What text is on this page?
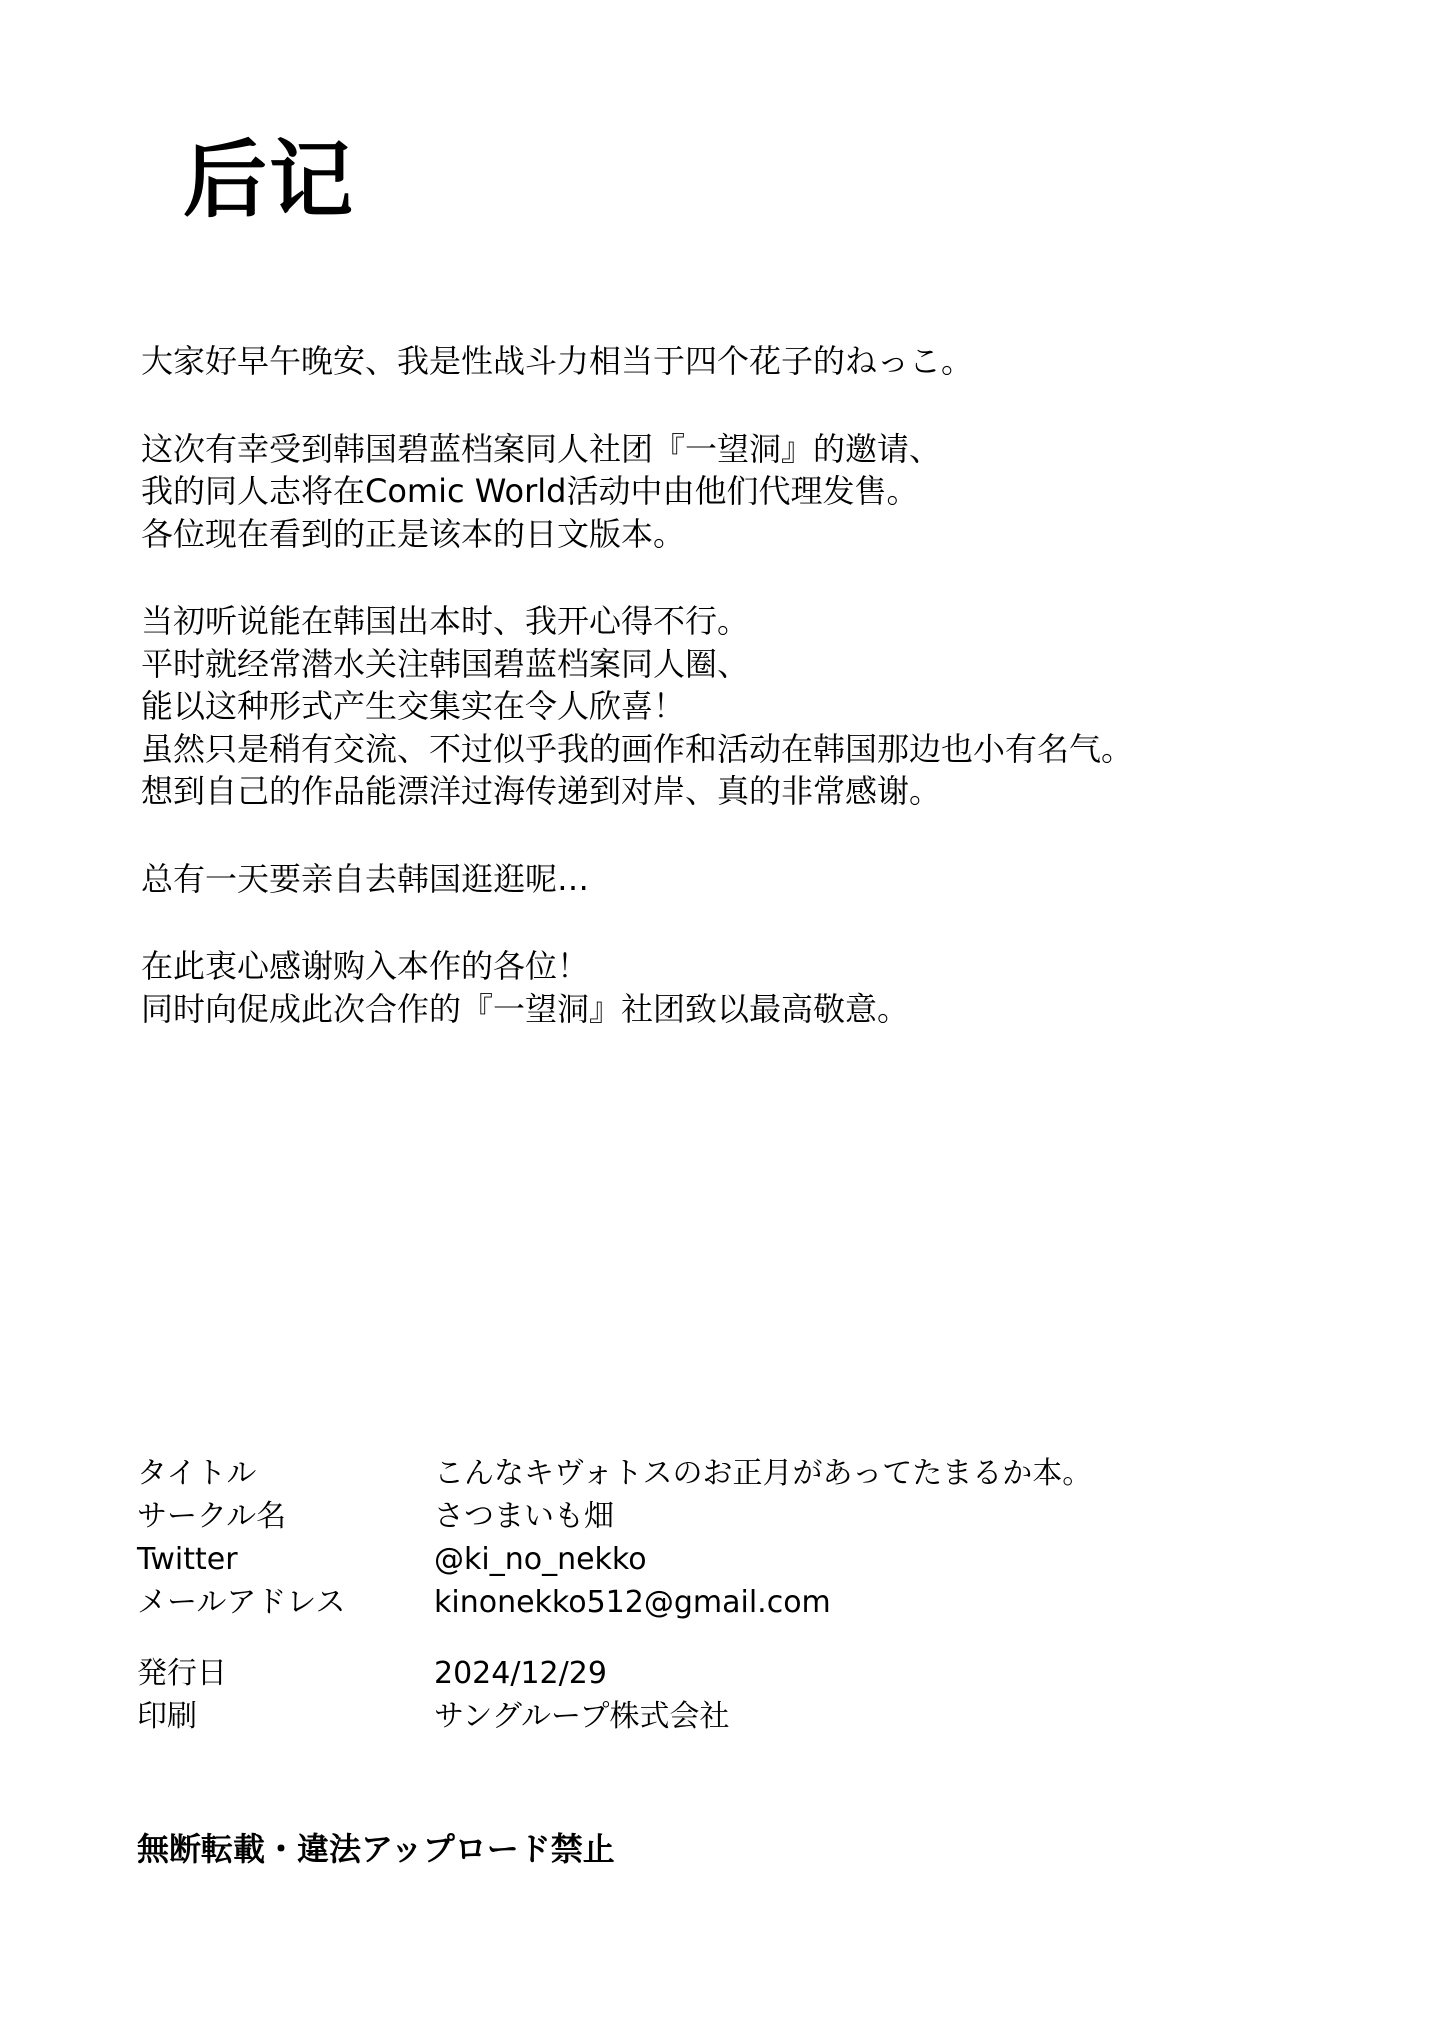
后记

大家好早午晚安、我是性战斗力相当于四个花子的ねっこ。

这次有幸受到韩国碧蓝档案同人社团『一望洞』的邀请、
我的同人志将在Comic World活动中由他们代理发售。
各位现在看到的正是该本的日文版本。

当初听说能在韩国出本时、我开心得不行。
平时就经常潜水关注韩国碧蓝档案同人圈、
能以这种形式产生交集实在令人欣喜！
虽然只是稍有交流、不过似乎我的画作和活动在韩国那边也小有名气。
想到自己的作品能漂洋过海传递到对岸、真的非常感谢。

总有一天要亲自去韩国逛逛呢…

在此衷心感谢购入本作的各位！
同时向促成此次合作的『一望洞』社团致以最高敬意。

タイトル	こんなキヴォトスのお正月があってたまるか本。
サークル名	さつまいも畑
Twitter	@ki_no_nekko
メールアドレス	kinonekko512@gmail.com
発行日	2024/12/29
印刷	サングループ株式会社
無断転載・違法アップロード禁止
